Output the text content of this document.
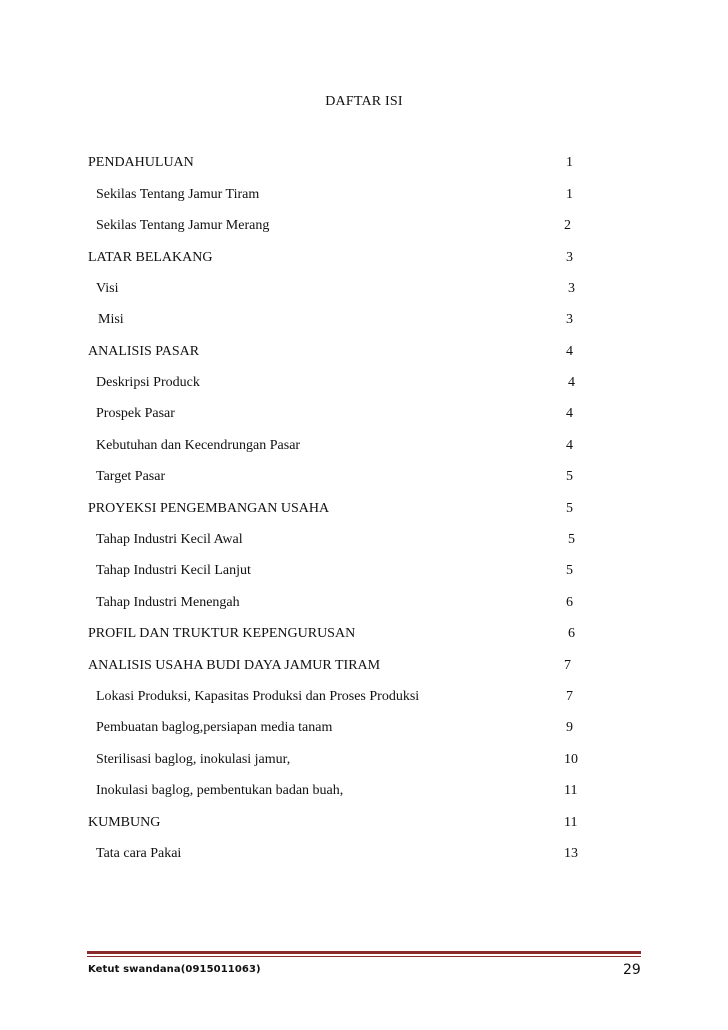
DAFTAR ISI
PENDAHULUAN	1
Sekilas Tentang Jamur Tiram	1
Sekilas Tentang Jamur Merang	2
LATAR BELAKANG	3
Visi	3
Misi	3
ANALISIS PASAR	4
Deskripsi Produck	4
Prospek Pasar	4
Kebutuhan dan Kecendrungan Pasar	4
Target Pasar	5
PROYEKSI PENGEMBANGAN USAHA	5
Tahap Industri Kecil Awal	5
Tahap Industri Kecil Lanjut	5
Tahap Industri Menengah	6
PROFIL DAN TRUKTUR KEPENGURUSAN	6
ANALISIS USAHA BUDI DAYA JAMUR TIRAM	7
Lokasi Produksi, Kapasitas Produksi dan Proses Produksi	7
Pembuatan baglog,persiapan media tanam	9
Sterilisasi baglog, inokulasi jamur,	10
Inokulasi baglog, pembentukan badan buah,	11
KUMBUNG	11
Tata cara Pakai	13
Ketut swandana(0915011063)	29
